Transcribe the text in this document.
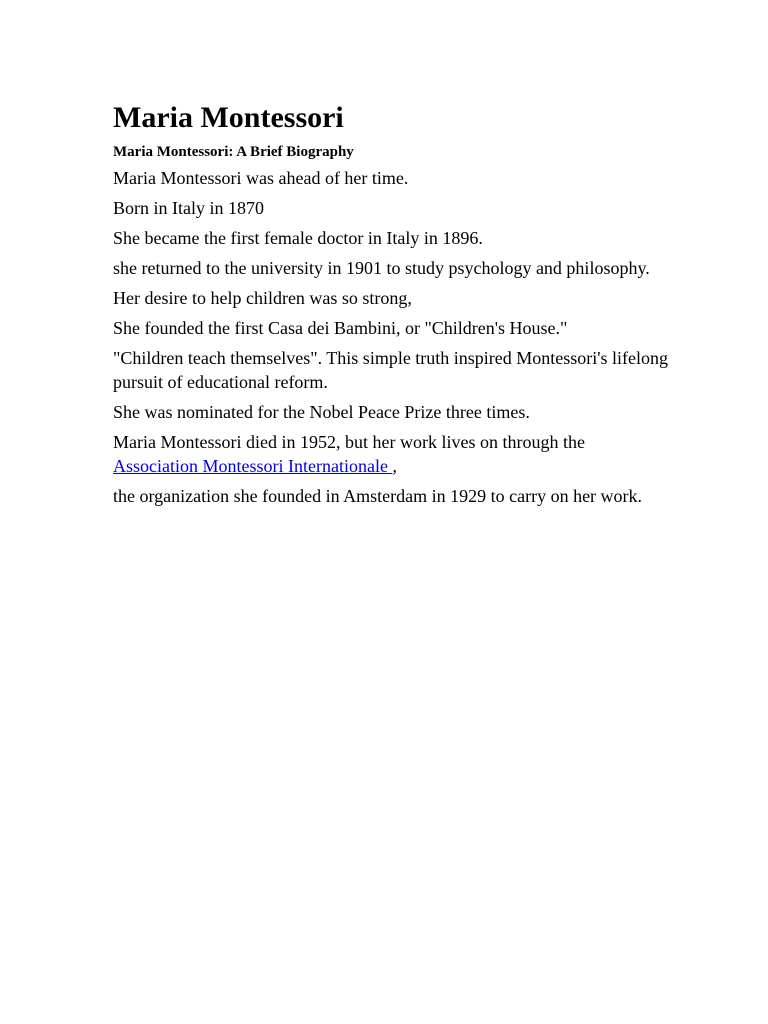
Maria Montessori
Maria Montessori: A Brief Biography
Maria Montessori was ahead of her time.
Born in Italy in 1870
She became the first female doctor in Italy in 1896.
she returned to the university in 1901 to study psychology and philosophy.
Her desire to help children was so strong,
She founded the first Casa dei Bambini, or "Children's House."
"Children teach themselves". This simple truth inspired Montessori's lifelong pursuit of educational reform.
She was nominated for the Nobel Peace Prize three times.
Maria Montessori died in 1952, but her work lives on through the Association Montessori Internationale ,
the organization she founded in Amsterdam in 1929 to carry on her work.
